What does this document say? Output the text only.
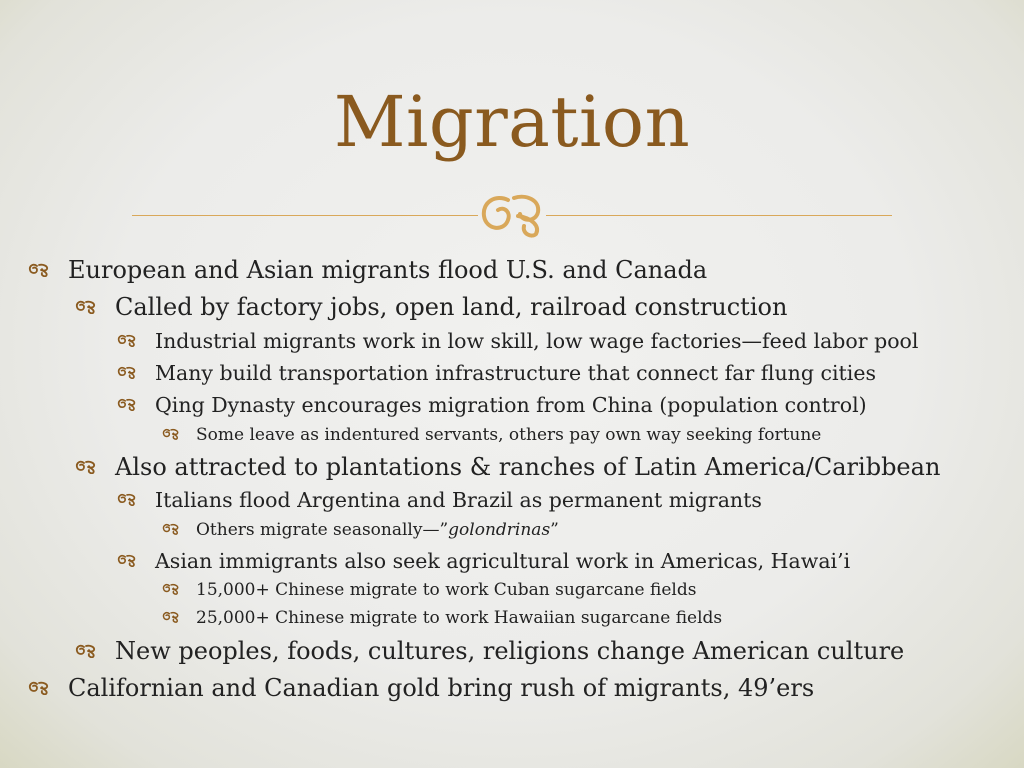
Migration
European and Asian migrants flood U.S. and Canada
Called by factory jobs, open land, railroad construction
Industrial migrants work in low skill, low wage factories—feed labor pool
Many build transportation infrastructure that connect far flung cities
Qing Dynasty encourages migration from China (population control)
Some leave as indentured servants, others pay own way seeking fortune
Also attracted to plantations & ranches of Latin America/Caribbean
Italians flood Argentina and Brazil as permanent migrants
Others migrate seasonally—”golondrinas”
Asian immigrants also seek agricultural work in Americas, Hawai’i
15,000+ Chinese migrate to work Cuban sugarcane fields
25,000+ Chinese migrate to work Hawaiian sugarcane fields
New peoples, foods, cultures, religions change American culture
Californian and Canadian gold bring rush of migrants, 49’ers
